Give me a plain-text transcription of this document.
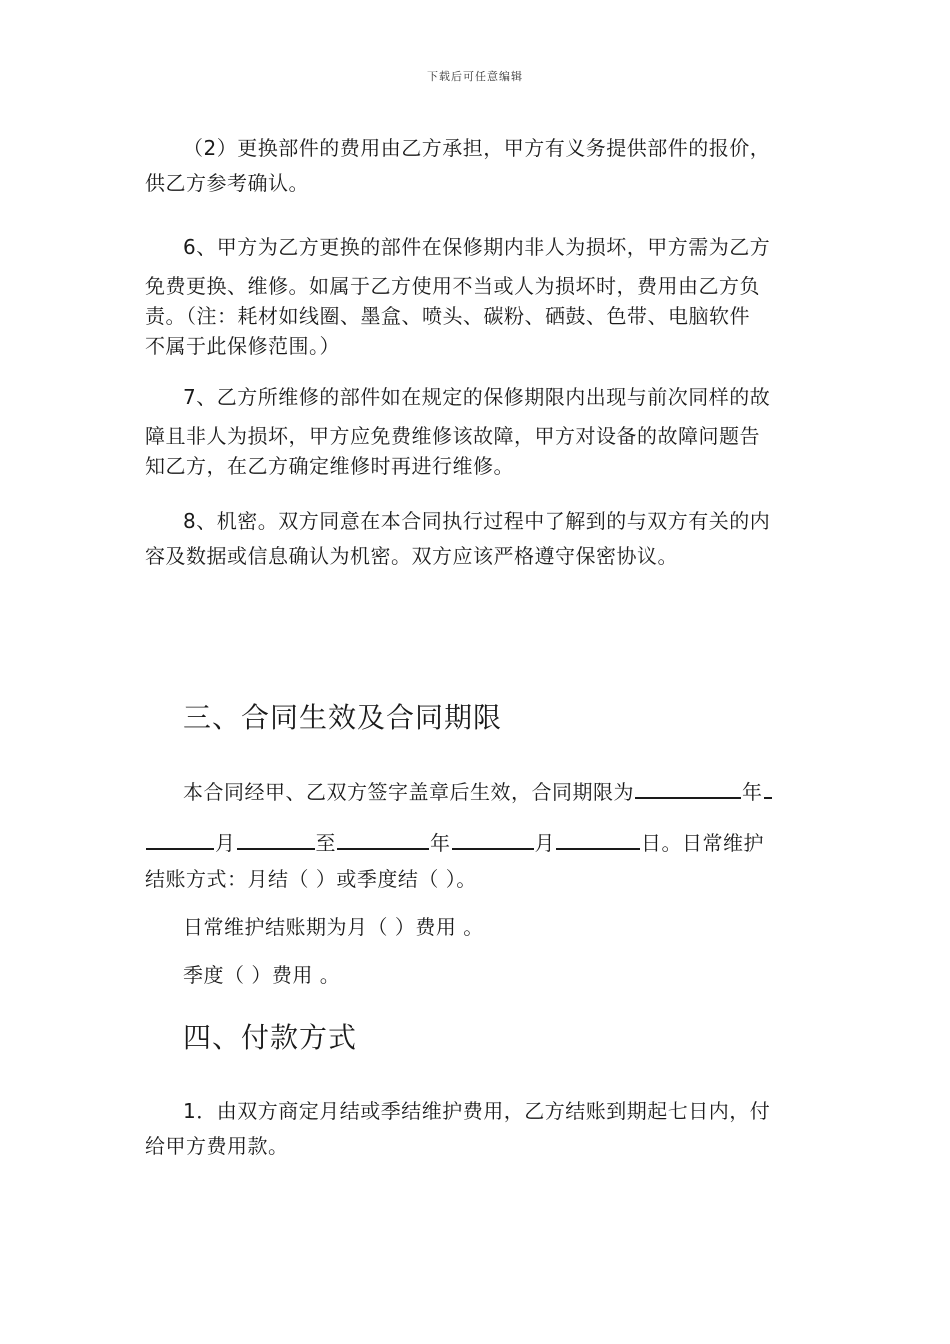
下载后可任意编辑
（2）更换部件的费用由乙方承担，甲方有义务提供部件的报价，
供乙方参考确认。
6、甲方为乙方更换的部件在保修期内非人为损坏，甲方需为乙方
免费更换、维修。如属于乙方使用不当或人为损坏时，费用由乙方负
责。（注：耗材如线圈、墨盒、喷头、碳粉、硒鼓、色带、电脑软件
不属于此保修范围。）
7、乙方所维修的部件如在规定的保修期限内出现与前次同样的故
障且非人为损坏，甲方应免费维修该故障，甲方对设备的故障问题告
知乙方，在乙方确定维修时再进行维修。
8、机密。双方同意在本合同执行过程中了解到的与双方有关的内
容及数据或信息确认为机密。双方应该严格遵守保密协议。
三、合同生效及合同期限
本合同经甲、乙双方签字盖章后生效，合同期限为	年
月	至	年	月	日。日常维护
结账方式：月结（ ）或季度结（ ）。
日常维护结账期为月（ ）费用 。
季度（ ）费用 。
四、付款方式
1．由双方商定月结或季结维护费用，乙方结账到期起七日内，付
给甲方费用款。
